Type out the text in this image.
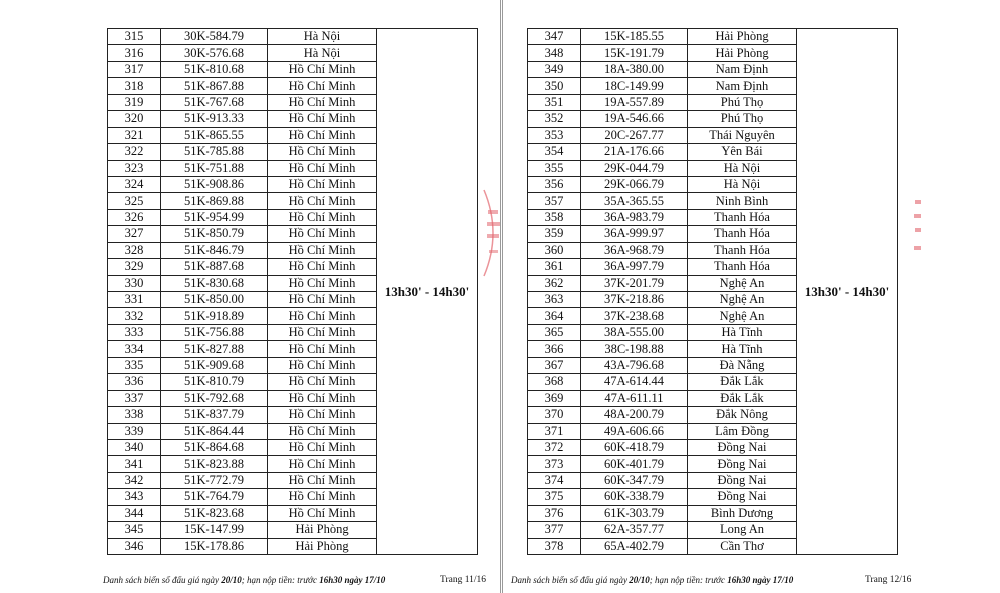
315	30K-584.79	Hà Nội	13h30' - 14h30'
316	30K-576.68	Hà Nội	
317	51K-810.68	Hồ Chí Minh	
318	51K-867.88	Hồ Chí Minh	
319	51K-767.68	Hồ Chí Minh	
320	51K-913.33	Hồ Chí Minh	
321	51K-865.55	Hồ Chí Minh	
322	51K-785.88	Hồ Chí Minh	
323	51K-751.88	Hồ Chí Minh	
324	51K-908.86	Hồ Chí Minh	
325	51K-869.88	Hồ Chí Minh	
326	51K-954.99	Hồ Chí Minh	
327	51K-850.79	Hồ Chí Minh	
328	51K-846.79	Hồ Chí Minh	
329	51K-887.68	Hồ Chí Minh	
330	51K-830.68	Hồ Chí Minh	
331	51K-850.00	Hồ Chí Minh	
332	51K-918.89	Hồ Chí Minh	
333	51K-756.88	Hồ Chí Minh	
334	51K-827.88	Hồ Chí Minh	
335	51K-909.68	Hồ Chí Minh	
336	51K-810.79	Hồ Chí Minh	
337	51K-792.68	Hồ Chí Minh	
338	51K-837.79	Hồ Chí Minh	
339	51K-864.44	Hồ Chí Minh	
340	51K-864.68	Hồ Chí Minh	
341	51K-823.88	Hồ Chí Minh	
342	51K-772.79	Hồ Chí Minh	
343	51K-764.79	Hồ Chí Minh	
344	51K-823.68	Hồ Chí Minh	
345	15K-147.99	Hải Phòng	
346	15K-178.86	Hải Phòng	
Danh sách biển số đấu giá ngày 20/10; hạn nộp tiền: trước 16h30 ngày 17/10	Trang 11/16
347	15K-185.55	Hải Phòng	13h30' - 14h30'
348	15K-191.79	Hải Phòng	
349	18A-380.00	Nam Định	
350	18C-149.99	Nam Định	
351	19A-557.89	Phú Thọ	
352	19A-546.66	Phú Thọ	
353	20C-267.77	Thái Nguyên	
354	21A-176.66	Yên Bái	
355	29K-044.79	Hà Nội	
356	29K-066.79	Hà Nội	
357	35A-365.55	Ninh Bình	
358	36A-983.79	Thanh Hóa	
359	36A-999.97	Thanh Hóa	
360	36A-968.79	Thanh Hóa	
361	36A-997.79	Thanh Hóa	
362	37K-201.79	Nghệ An	
363	37K-218.86	Nghệ An	
364	37K-238.68	Nghệ An	
365	38A-555.00	Hà Tĩnh	
366	38C-198.88	Hà Tĩnh	
367	43A-796.68	Đà Nẵng	
368	47A-614.44	Đắk Lắk	
369	47A-611.11	Đắk Lắk	
370	48A-200.79	Đắk Nông	
371	49A-606.66	Lâm Đồng	
372	60K-418.79	Đồng Nai	
373	60K-401.79	Đồng Nai	
374	60K-347.79	Đồng Nai	
375	60K-338.79	Đồng Nai	
376	61K-303.79	Bình Dương	
377	62A-357.77	Long An	
378	65A-402.79	Cần Thơ	
Danh sách biển số đấu giá ngày 20/10; hạn nộp tiền: trước 16h30 ngày 17/10	Trang 12/16
